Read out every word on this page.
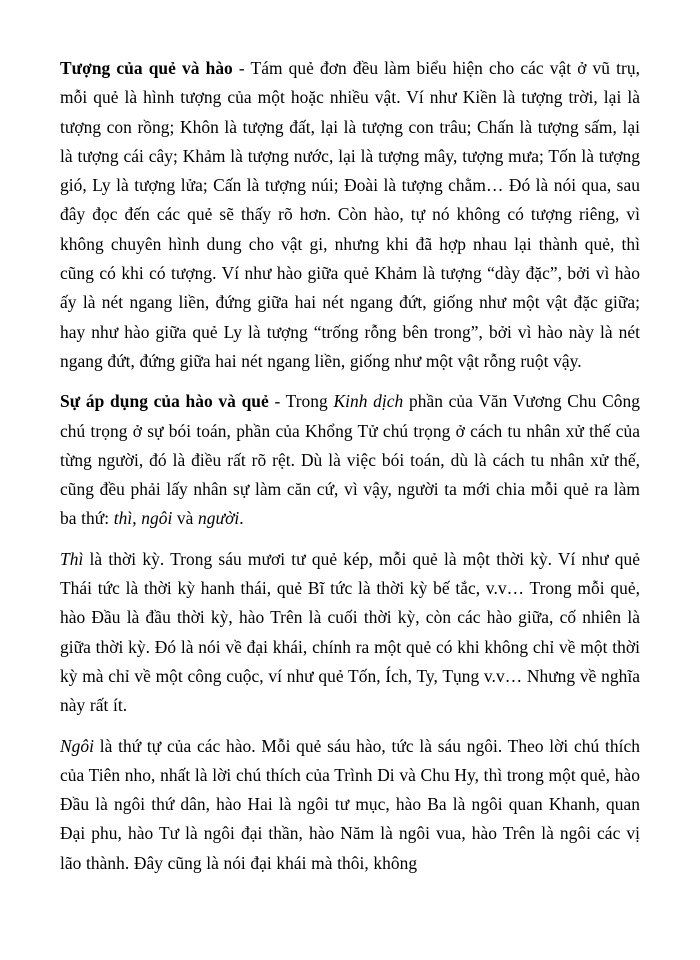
Tượng của quẻ và hào - Tám quẻ đơn đều làm biểu hiện cho các vật ở vũ trụ, mỗi quẻ là hình tượng của một hoặc nhiều vật. Ví như Kiền là tượng trời, lại là tượng con rồng; Khôn là tượng đất, lại là tượng con trâu; Chấn là tượng sấm, lại là tượng cái cây; Khảm là tượng nước, lại là tượng mây, tượng mưa; Tốn là tượng gió, Ly là tượng lửa; Cấn là tượng núi; Đoài là tượng chằm… Đó là nói qua, sau đây đọc đến các quẻ sẽ thấy rõ hơn. Còn hào, tự nó không có tượng riêng, vì không chuyên hình dung cho vật gi, nhưng khi đã hợp nhau lại thành quẻ, thì cũng có khi có tượng. Ví như hào giữa quẻ Khảm là tượng “dày đặc”, bởi vì hào ấy là nét ngang liền, đứng giữa hai nét ngang đứt, giống như một vật đặc giữa; hay như hào giữa quẻ Ly là tượng “trống rỗng bên trong”, bởi vì hào này là nét ngang đứt, đứng giữa hai nét ngang liền, giống như một vật rỗng ruột vậy.

Sự áp dụng của hào và quẻ - Trong Kinh dịch phần của Văn Vương Chu Công chú trọng ở sự bói toán, phần của Khổng Tử chú trọng ở cách tu nhân xử thế của từng người, đó là điều rất rõ rệt. Dù là việc bói toán, dù là cách tu nhân xử thế, cũng đều phải lấy nhân sự làm căn cứ, vì vậy, người ta mới chia mỗi quẻ ra làm ba thứ: thì, ngôi và người.

Thì là thời kỳ. Trong sáu mươi tư quẻ kép, mỗi quẻ là một thời kỳ. Ví như quẻ Thái tức là thời kỳ hanh thái, quẻ Bĩ tức là thời kỳ bế tắc, v.v… Trong mỗi quẻ, hào Đầu là đầu thời kỳ, hào Trên là cuối thời kỳ, còn các hào giữa, cố nhiên là giữa thời kỳ. Đó là nói về đại khái, chính ra một quẻ có khi không chỉ về một thời kỳ mà chỉ về một công cuộc, ví như quẻ Tốn, Ích, Ty, Tụng v.v… Nhưng về nghĩa này rất ít.

Ngôi là thứ tự của các hào. Mỗi quẻ sáu hào, tức là sáu ngôi. Theo lời chú thích của Tiên nho, nhất là lời chú thích của Trình Di và Chu Hy, thì trong một quẻ, hào Đầu là ngôi thứ dân, hào Hai là ngôi tư mục, hào Ba là ngôi quan Khanh, quan Đại phu, hào Tư là ngôi đại thần, hào Năm là ngôi vua, hào Trên là ngôi các vị lão thành. Đây cũng là nói đại khái mà thôi, không
